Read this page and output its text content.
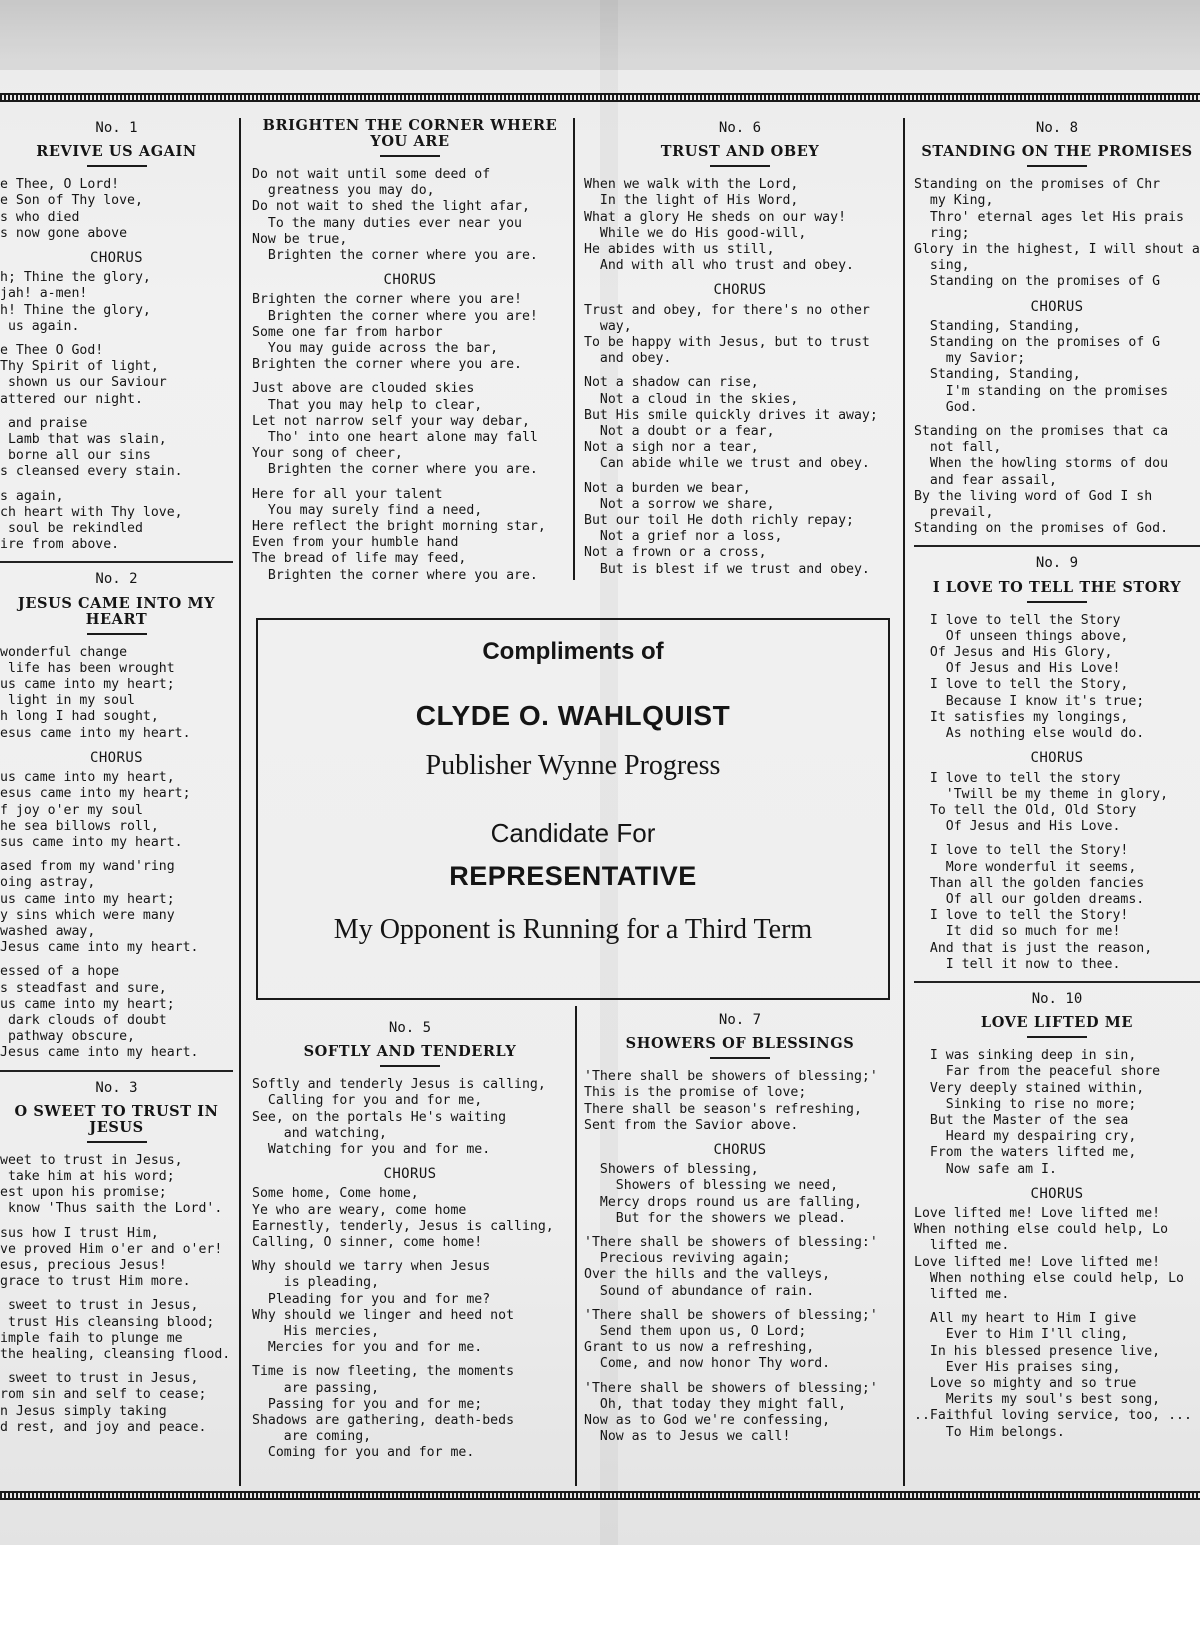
No. 1
REVIVE US AGAIN
e Thee, O Lord!
e Son of Thy love,
s who died
s now gone above
CHORUS
h; Thine the glory,
jah! a-men!
h! Thine the glory,
us again.
e Thee O God!
Thy Spirit of light,
shown us our Saviour
attered our night.
and praise
Lamb that was slain,
borne all our sins
s cleansed every stain.
s again,
ch heart with Thy love,
soul be rekindled
ire from above.
No. 2
JESUS CAME INTO MY HEART
wonderful change
life has been wrought
us came into my heart;
light in my soul
h long I had sought,
esus came into my heart.
CHORUS
us came into my heart,
esus came into my heart;
f joy o'er my soul
he sea billows roll,
sus came into my heart.
ased from my wand'ring
oing astray,
us came into my heart;
y sins which were many
washed away,
Jesus came into my heart.
essed of a hope
s steadfast and sure,
us came into my heart;
dark clouds of doubt
pathway obscure,
Jesus came into my heart.
No. 3
O SWEET TO TRUST IN JESUS
weet to trust in Jesus,
take him at his word;
est upon his promise;
know 'Thus saith the Lord'.
sus how I trust Him,
ve proved Him o'er and o'er!
esus, precious Jesus!
grace to trust Him more.
sweet to trust in Jesus,
trust His cleansing blood;
imple faih to plunge me
the healing, cleansing flood.
sweet to trust in Jesus,
rom sin and self to cease;
n Jesus simply taking
d rest, and joy and peace.
BRIGHTEN THE CORNER WHERE YOU ARE
Do not wait until some deed of
greatness you may do,
Do not wait to shed the light afar,
To the many duties ever near you
Now be true,
Brighten the corner where you are.
CHORUS
Brighten the corner where you are!
Brighten the corner where you are!
Some one far from harbor
You may guide across the bar,
Brighten the corner where you are.
Just above are clouded skies
That you may help to clear,
Let not narrow self your way debar,
Tho' into one heart alone may fall
Your song of cheer,
Brighten the corner where you are.
Here for all your talent
You may surely find a need,
Here reflect the bright morning star,
Even from your humble hand
The bread of life may feed,
Brighten the corner where you are.
No. 6
TRUST AND OBEY
When we walk with the Lord,
In the light of His Word,
What a glory He sheds on our way!
While we do His good-will,
He abides with us still,
And with all who trust and obey.
CHORUS
Trust and obey, for there's no other
way,
To be happy with Jesus, but to trust
and obey.
Not a shadow can rise,
Not a cloud in the skies,
But His smile quickly drives it away;
Not a doubt or a fear,
Not a sigh nor a tear,
Can abide while we trust and obey.
Not a burden we bear,
Not a sorrow we share,
But our toil He doth richly repay;
Not a grief nor a loss,
Not a frown or a cross,
But is blest if we trust and obey.
No. 8
STANDING ON THE PROMISES
Standing on the promises of Chr
my King,
Thro' eternal ages let His prais
ring;
Glory in the highest, I will shout a
sing,
Standing on the promises of G
CHORUS
Standing, Standing,
Standing on the promises of G
my Savior;
Standing, Standing,
I'm standing on the promises
God.
Standing on the promises that ca
not fall,
When the howling storms of dou
and fear assail,
By the living word of God I sh
prevail,
Standing on the promises of God.
No. 9
I LOVE TO TELL THE STORY
I love to tell the Story
Of unseen things above,
Of Jesus and His Glory,
Of Jesus and His Love!
I love to tell the Story,
Because I know it's true;
It satisfies my longings,
As nothing else would do.
CHORUS
I love to tell the story
'Twill be my theme in glory,
To tell the Old, Old Story
Of Jesus and His Love.
I love to tell the Story!
More wonderful it seems,
Than all the golden fancies
Of all our golden dreams.
I love to tell the Story!
It did so much for me!
And that is just the reason,
I tell it now to thee.
No. 10
LOVE LIFTED ME
I was sinking deep in sin,
Far from the peaceful shore
Very deeply stained within,
Sinking to rise no more;
But the Master of the sea
Heard my despairing cry,
From the waters lifted me,
Now safe am I.
CHORUS
Love lifted me! Love lifted me!
When nothing else could help, Lo
lifted me.
Love lifted me! Love lifted me!
When nothing else could help, Lo
lifted me.
All my heart to Him I give
Ever to Him I'll cling,
In his blessed presence live,
Ever His praises sing,
Love so mighty and so true
Merits my soul's best song,
..Faithful loving service, too, ...
To Him belongs.
No. 5
SOFTLY AND TENDERLY
Softly and tenderly Jesus is calling,
Calling for you and for me,
See, on the portals He's waiting
and watching,
Watching for you and for me.
CHORUS
Some home, Come home,
Ye who are weary, come home
Earnestly, tenderly, Jesus is calling,
Calling, O sinner, come home!
Why should we tarry when Jesus
is pleading,
Pleading for you and for me?
Why should we linger and heed not
His mercies,
Mercies for you and for me.
Time is now fleeting, the moments
are passing,
Passing for you and for me;
Shadows are gathering, death-beds
are coming,
Coming for you and for me.
No. 7
SHOWERS OF BLESSINGS
'There shall be showers of blessing;'
This is the promise of love;
There shall be season's refreshing,
Sent from the Savior above.
CHORUS
Showers of blessing,
Showers of blessing we need,
Mercy drops round us are falling,
But for the showers we plead.
'There shall be showers of blessing:'
Precious reviving again;
Over the hills and the valleys,
Sound of abundance of rain.
'There shall be showers of blessing;'
Send them upon us, O Lord;
Grant to us now a refreshing,
Come, and now honor Thy word.
'There shall be showers of blessing;'
Oh, that today they might fall,
Now as to God we're confessing,
Now as to Jesus we call!
Compliments of
CLYDE O. WAHLQUIST
Publisher Wynne Progress
Candidate For
REPRESENTATIVE
My Opponent is Running for a Third Term
